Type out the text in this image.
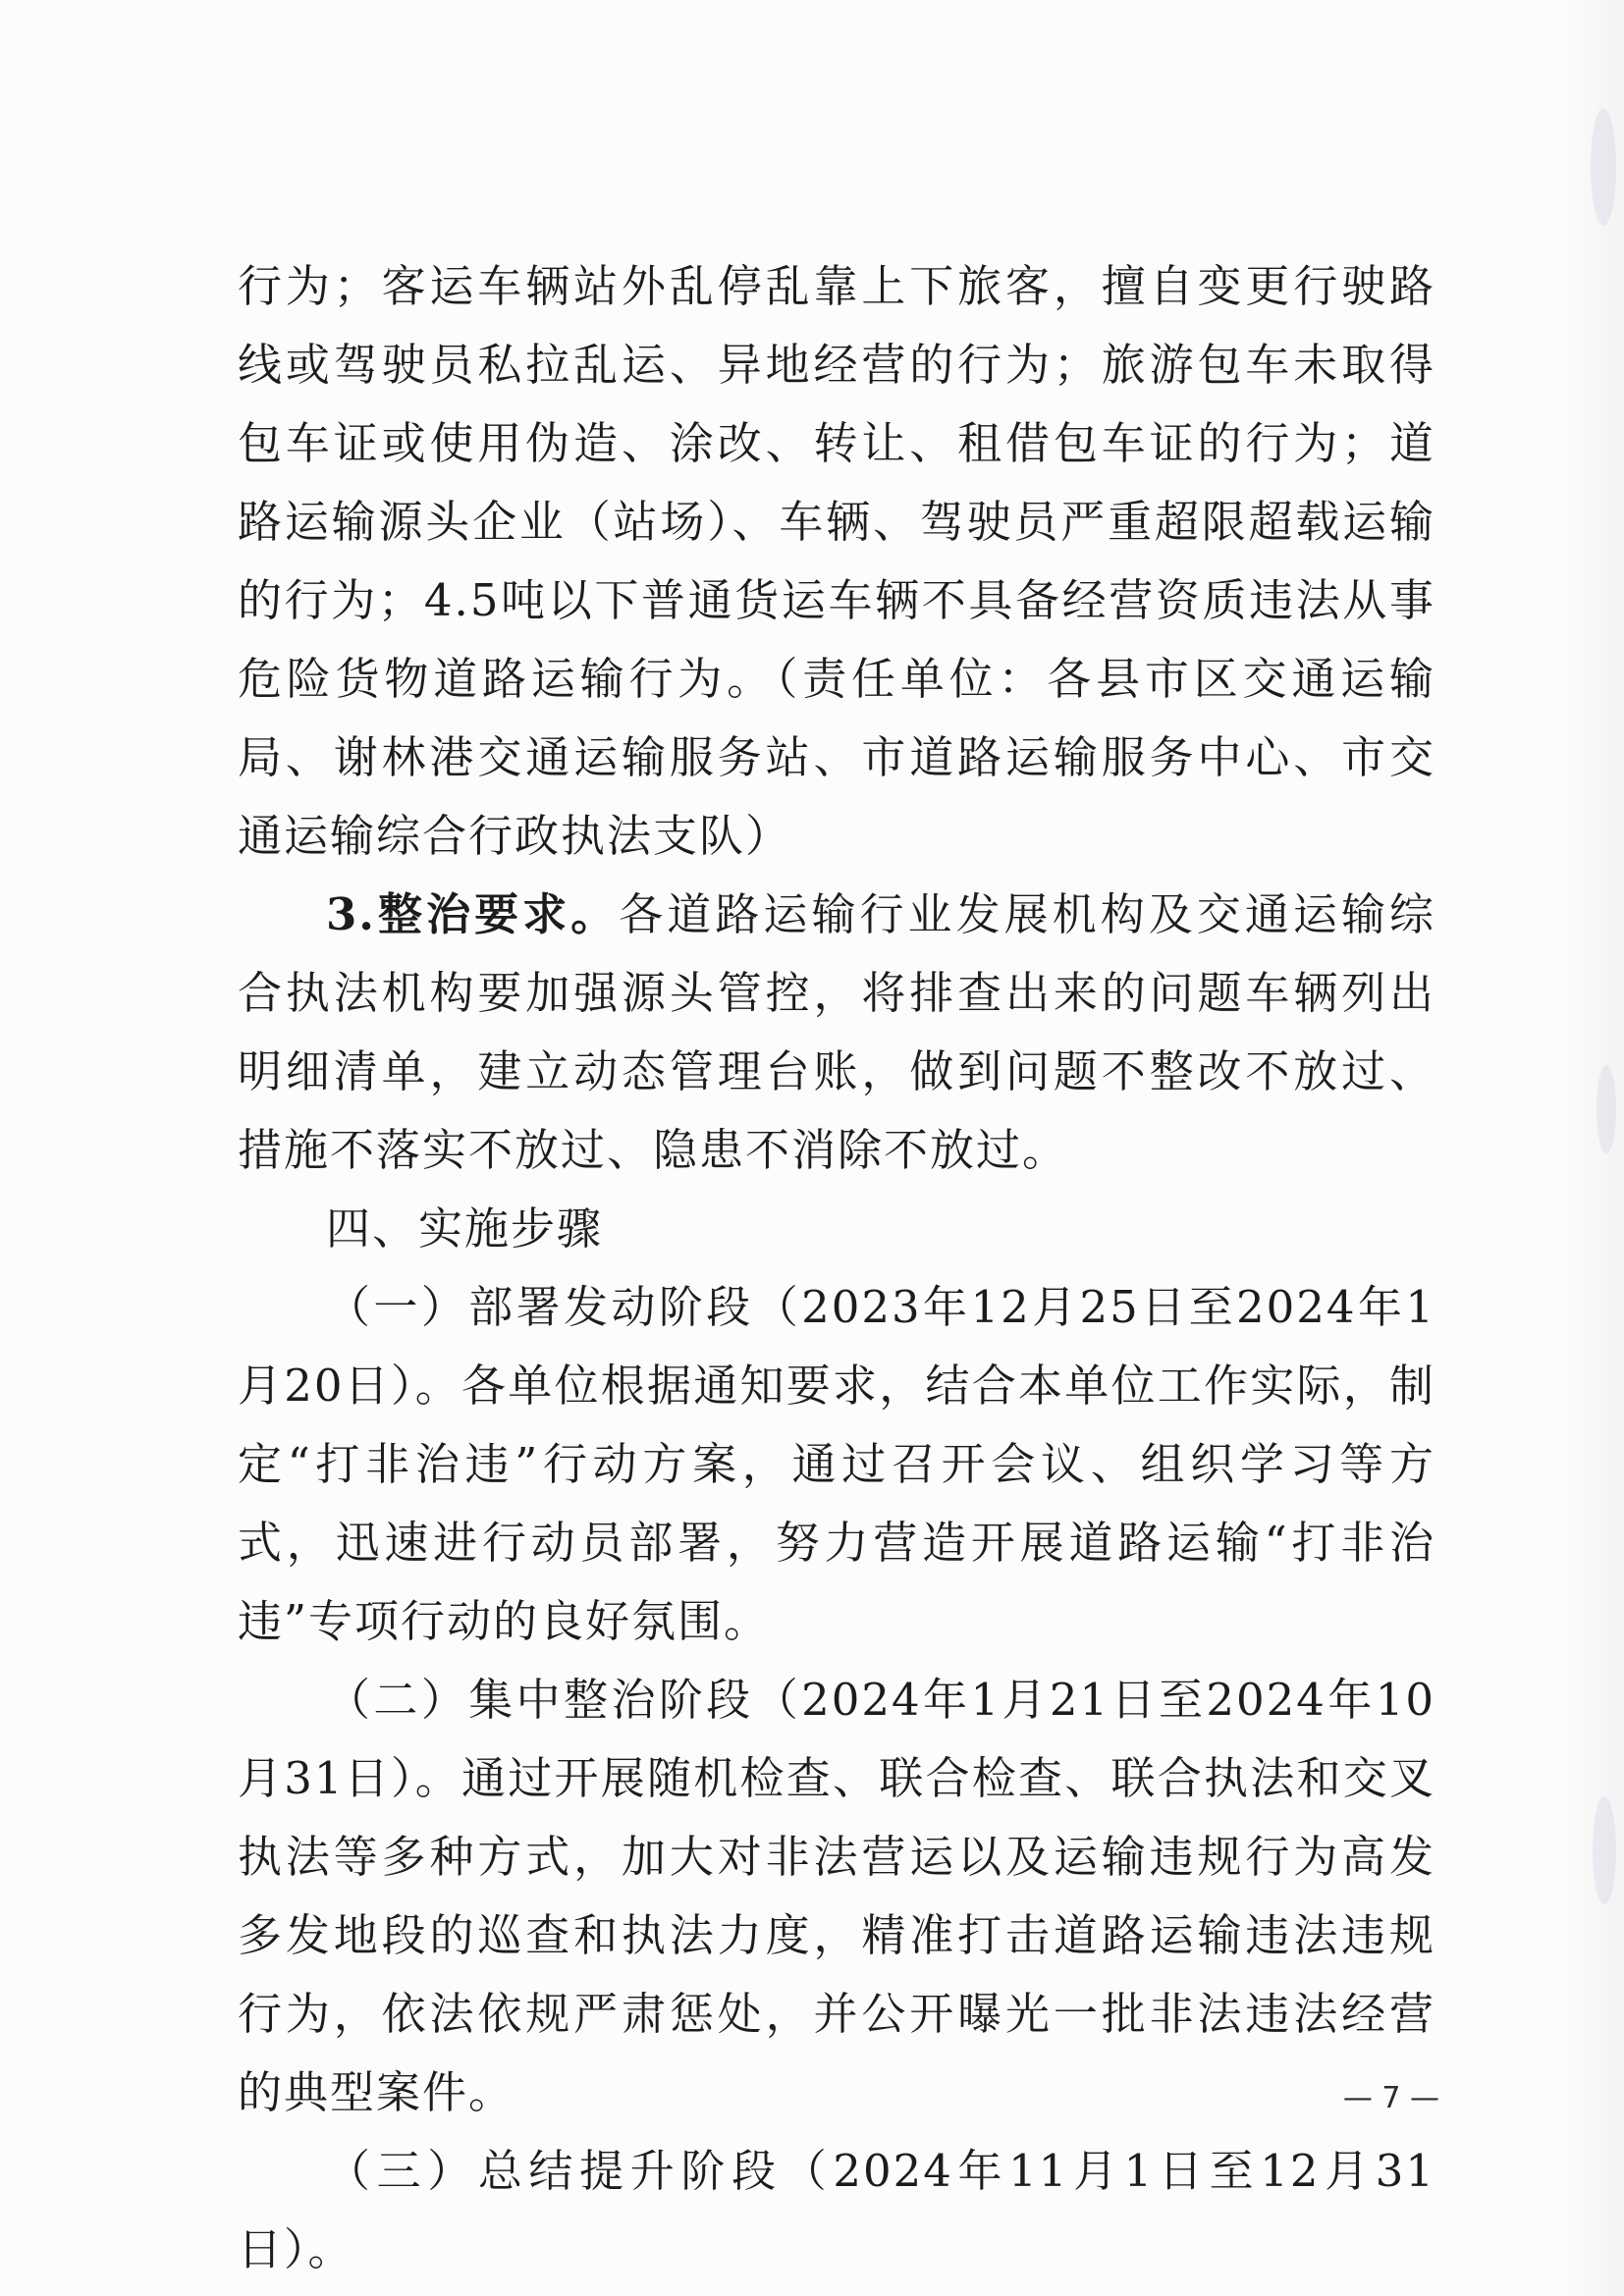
行为；客运车辆站外乱停乱靠上下旅客，擅自变更行驶路线或驾驶员私拉乱运、异地经营的行为；旅游包车未取得包车证或使用伪造、涂改、转让、租借包车证的行为；道路运输源头企业（站场）、车辆、驾驶员严重超限超载运输的行为；4.5吨以下普通货运车辆不具备经营资质违法从事危险货物道路运输行为。（责任单位：各县市区交通运输局、谢林港交通运输服务站、市道路运输服务中心、市交通运输综合行政执法支队）

3.整治要求。各道路运输行业发展机构及交通运输综合执法机构要加强源头管控，将排查出来的问题车辆列出明细清单，建立动态管理台账，做到问题不整改不放过、措施不落实不放过、隐患不消除不放过。

四、实施步骤

（一）部署发动阶段（2023年12月25日至2024年1月20日）。各单位根据通知要求，结合本单位工作实际，制定“打非治违”行动方案，通过召开会议、组织学习等方式，迅速进行动员部署，努力营造开展道路运输“打非治违”专项行动的良好氛围。

（二）集中整治阶段（2024年1月21日至2024年10月31日）。通过开展随机检查、联合检查、联合执法和交叉执法等多种方式，加大对非法营运以及运输违规行为高发多发地段的巡查和执法力度，精准打击道路运输违法违规行为，依法依规严肃惩处，并公开曝光一批非法违法经营的典型案件。

（三）总结提升阶段（2024年11月1日至12月31日）。

— 7 —
